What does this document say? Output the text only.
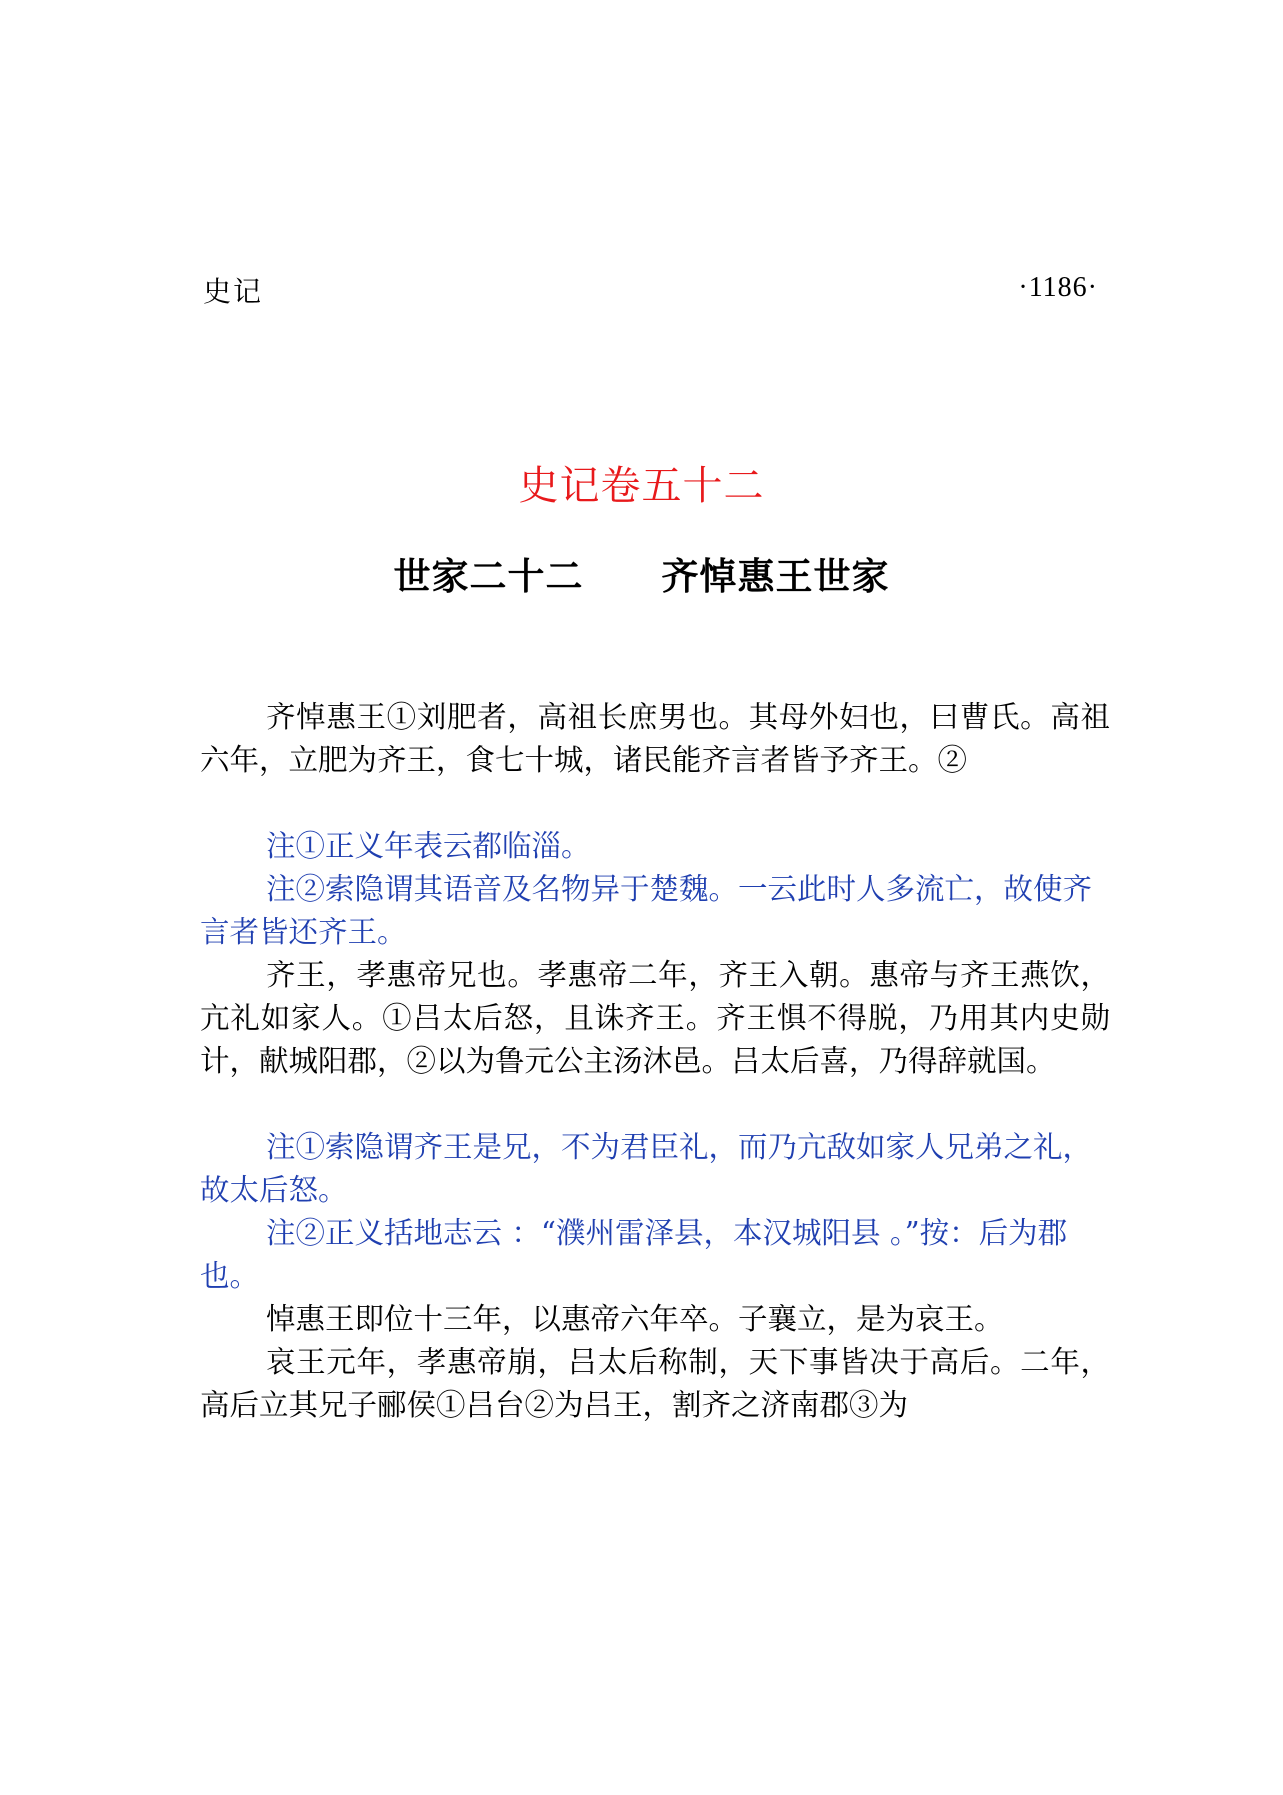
史记	·1186·
史记卷五十二
世家二十二 齐悼惠王世家

齐悼惠王①刘肥者，高祖长庶男也。其母外妇也，曰曹氏。高祖六年，立肥为齐王，食七十城，诸民能齐言者皆予齐王。②

注①正义年表云都临淄。

注②索隐谓其语音及名物异于楚魏。一云此时人多流亡，故使齐言者皆还齐王。

齐王，孝惠帝兄也。孝惠帝二年，齐王入朝。惠帝与齐王燕饮，亢礼如家人。①吕太后怒，且诛齐王。齐王惧不得脱，乃用其内史勋计，献城阳郡，②以为鲁元公主汤沐邑。吕太后喜，乃得辞就国。

注①索隐谓齐王是兄，不为君臣礼，而乃亢敌如家人兄弟之礼，故太后怒。

注②正义括地志云 ：“濮州雷泽县，本汉城阳县 。”按：后为郡也。

悼惠王即位十三年，以惠帝六年卒。子襄立，是为哀王。

哀王元年，孝惠帝崩，吕太后称制，天下事皆决于高后。二年，高后立其兄子郦侯①吕台②为吕王，割齐之济南郡③为
